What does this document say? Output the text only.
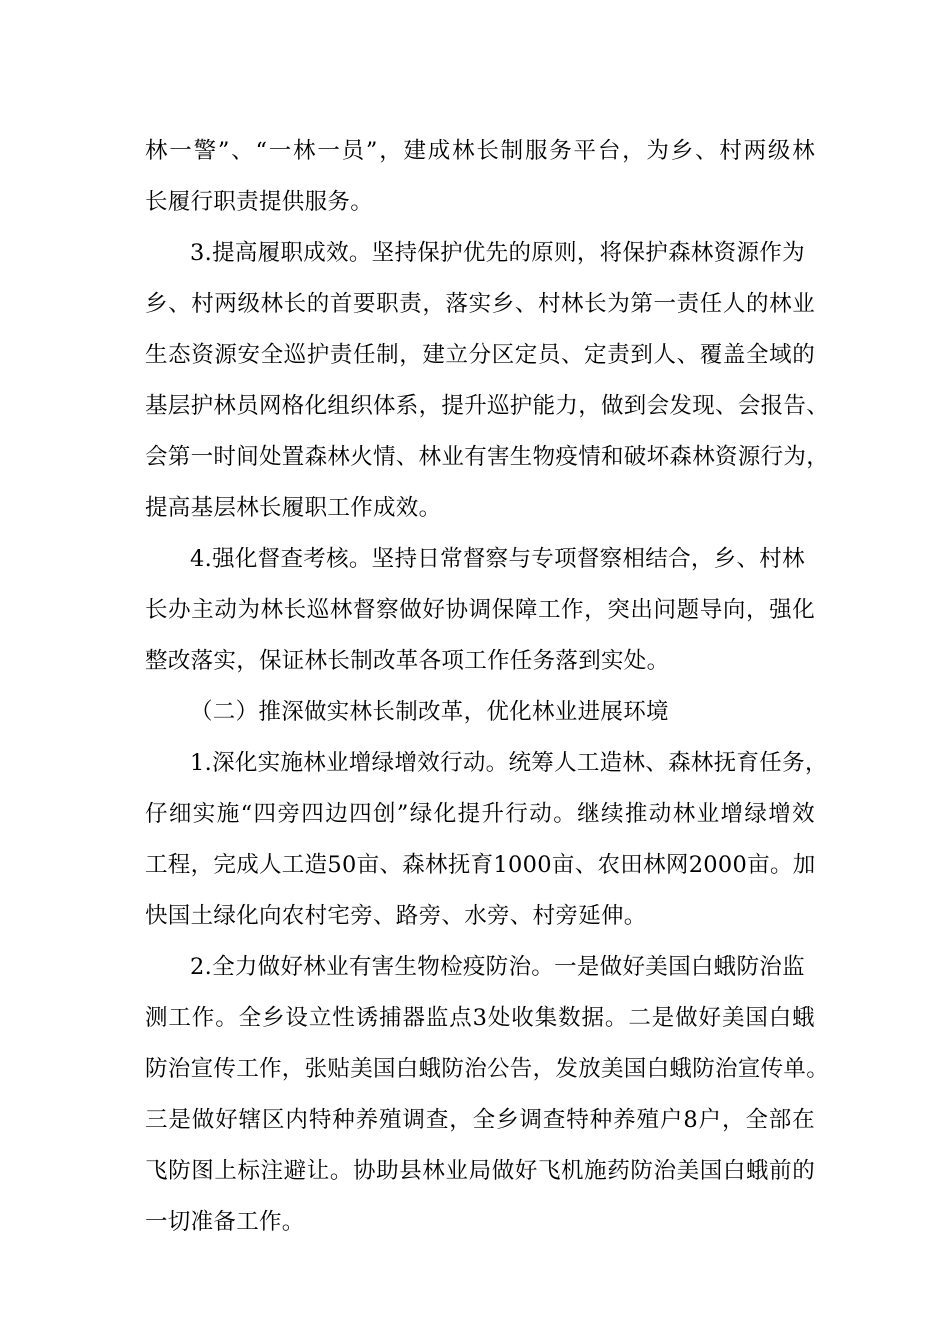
林一警”、“一林一员”，建成林长制服务平台，为乡、村两级林
长履行职责提供服务。
3.提高履职成效。坚持保护优先的原则，将保护森林资源作为
乡、村两级林长的首要职责，落实乡、村林长为第一责任人的林业
生态资源安全巡护责任制，建立分区定员、定责到人、覆盖全域的
基层护林员网格化组织体系，提升巡护能力，做到会发现、会报告、
会第一时间处置森林火情、林业有害生物疫情和破坏森林资源行为，
提高基层林长履职工作成效。
4.强化督查考核。坚持日常督察与专项督察相结合，乡、村林
长办主动为林长巡林督察做好协调保障工作，突出问题导向，强化
整改落实，保证林长制改革各项工作任务落到实处。
（二）推深做实林长制改革，优化林业进展环境
1.深化实施林业增绿增效行动。统筹人工造林、森林抚育任务，
仔细实施“四旁四边四创”绿化提升行动。继续推动林业增绿增效
工程，完成人工造50亩、森林抚育1000亩、农田林网2000亩。加
快国土绿化向农村宅旁、路旁、水旁、村旁延伸。
2.全力做好林业有害生物检疫防治。一是做好美国白蛾防治监
测工作。全乡设立性诱捕器监点3处收集数据。二是做好美国白蛾
防治宣传工作，张贴美国白蛾防治公告，发放美国白蛾防治宣传单。
三是做好辖区内特种养殖调查，全乡调查特种养殖户8户，全部在
飞防图上标注避让。协助县林业局做好飞机施药防治美国白蛾前的
一切准备工作。
